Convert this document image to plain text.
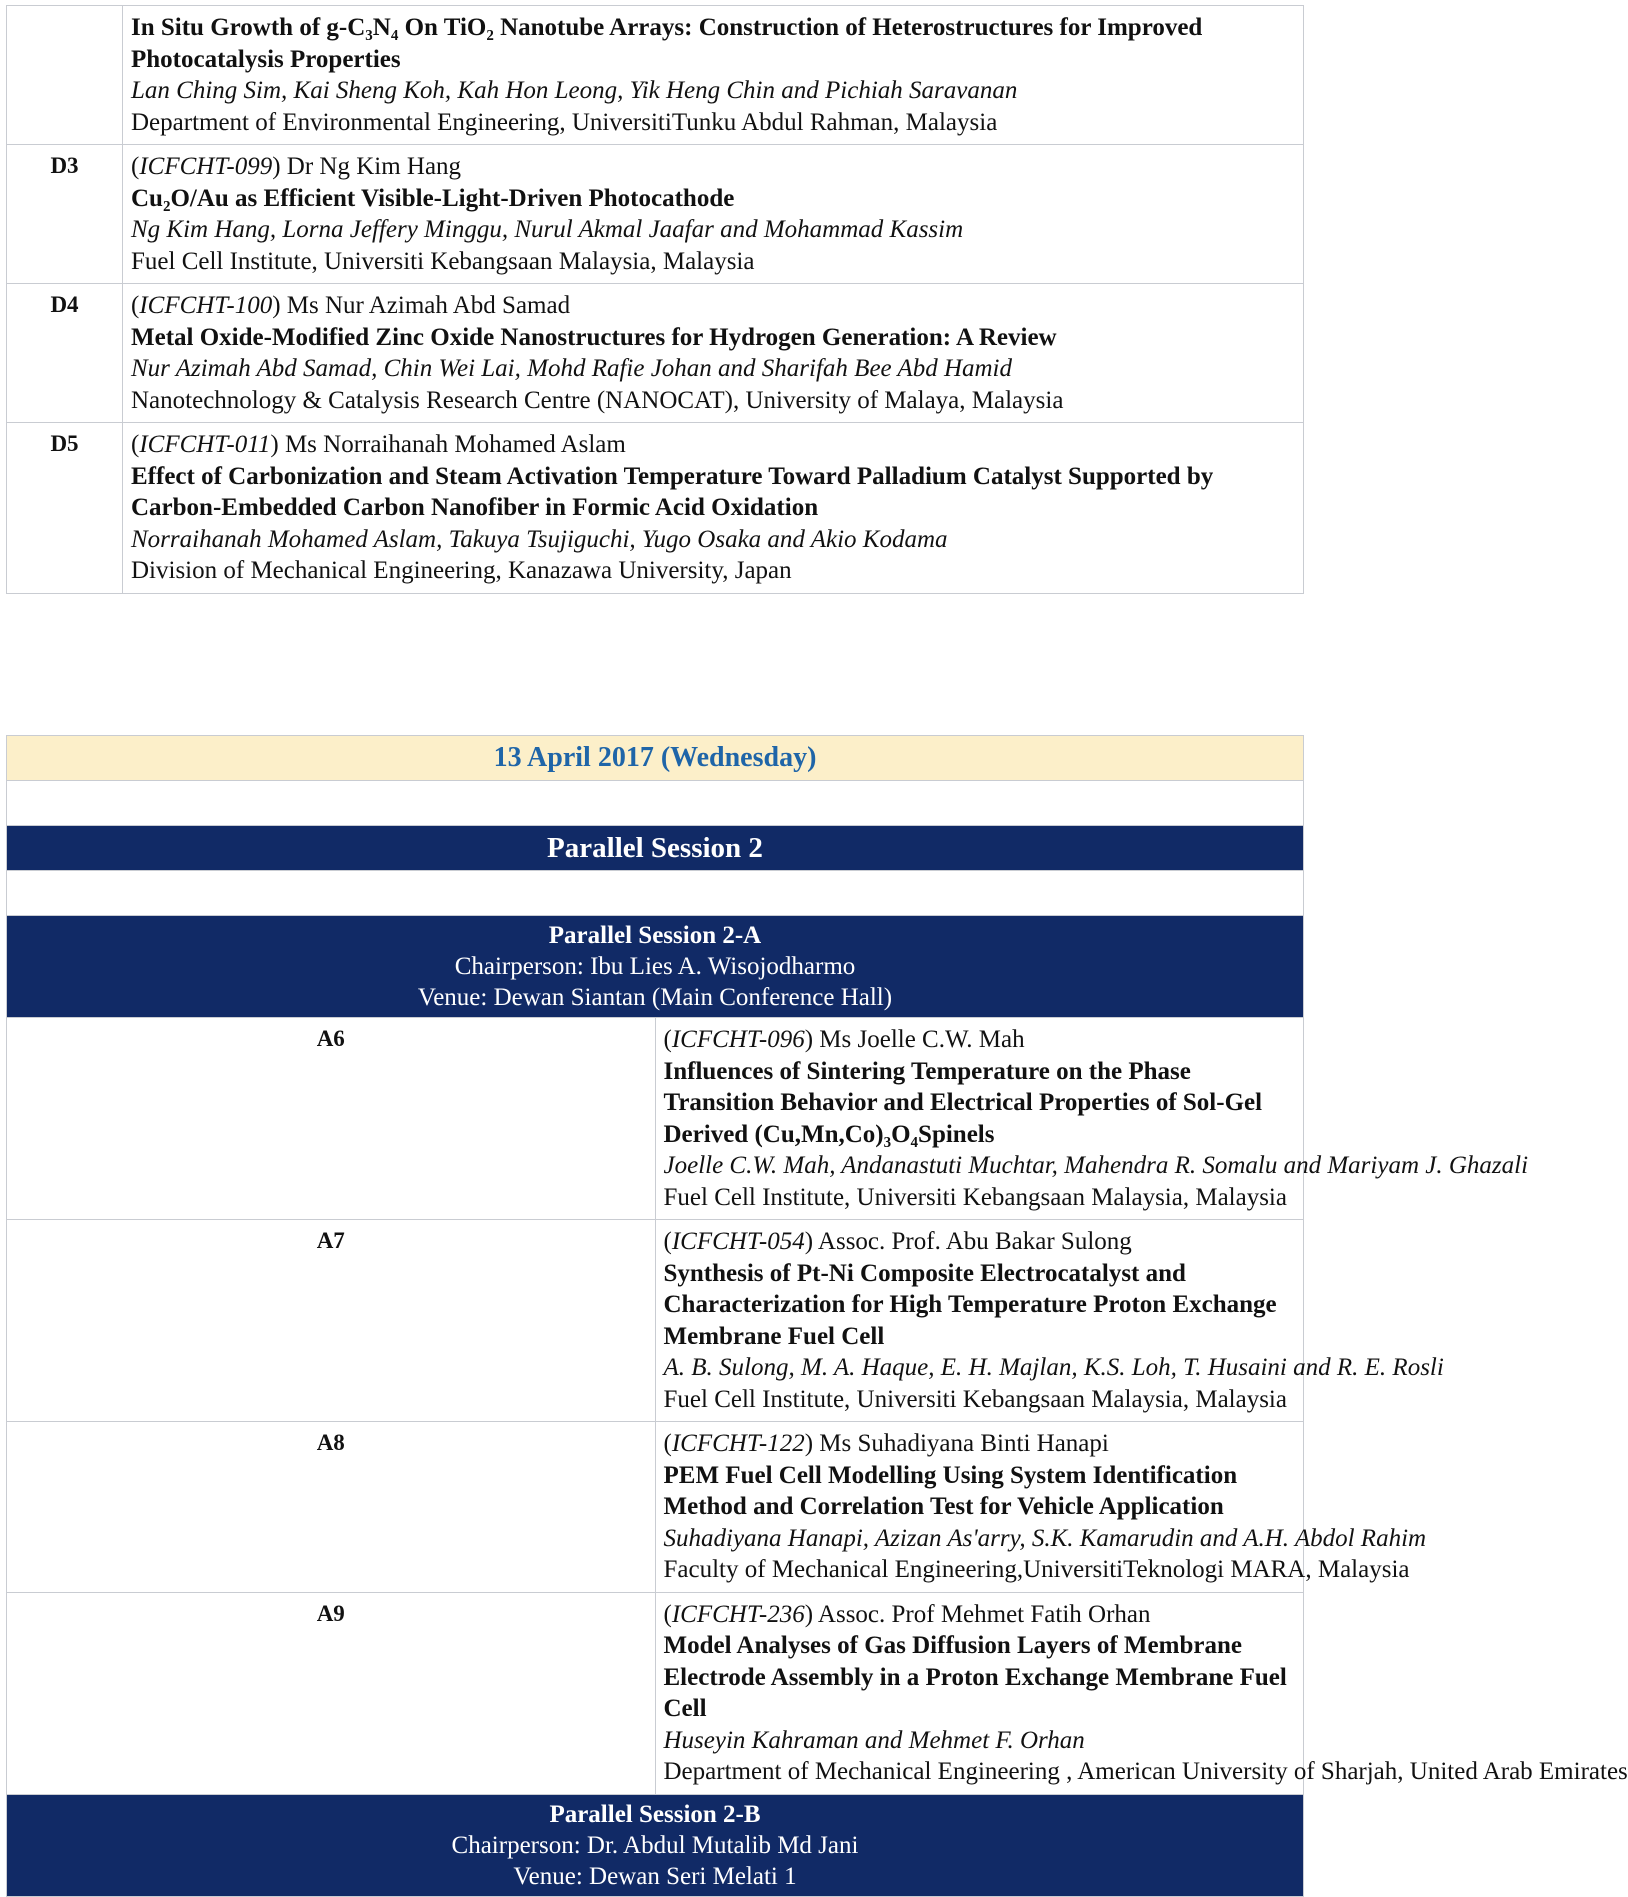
	In Situ Growth of g-C₃N₄ On TiO₂ Nanotube Arrays: Construction of Heterostructures for Improved Photocatalysis Properties
Lan Ching Sim, Kai Sheng Koh, Kah Hon Leong, Yik Heng Chin and Pichiah Saravanan
Department of Environmental Engineering, UniversitiTunku Abdul Rahman, Malaysia

D3	(ICFCHT-099) Dr Ng Kim Hang
Cu₂O/Au as Efficient Visible-Light-Driven Photocathode
Ng Kim Hang, Lorna Jeffery Minggu, Nurul Akmal Jaafar and Mohammad Kassim
Fuel Cell Institute, Universiti Kebangsaan Malaysia, Malaysia

D4	(ICFCHT-100) Ms Nur Azimah Abd Samad
Metal Oxide-Modified Zinc Oxide Nanostructures for Hydrogen Generation: A Review
Nur Azimah Abd Samad, Chin Wei Lai, Mohd Rafie Johan and Sharifah Bee Abd Hamid
Nanotechnology & Catalysis Research Centre (NANOCAT), University of Malaya, Malaysia

D5	(ICFCHT-011) Ms Norraihanah Mohamed Aslam
Effect of Carbonization and Steam Activation Temperature Toward Palladium Catalyst Supported by Carbon-Embedded Carbon Nanofiber in Formic Acid Oxidation
Norraihanah Mohamed Aslam, Takuya Tsujiguchi, Yugo Osaka and Akio Kodama
Division of Mechanical Engineering, Kanazawa University, Japan
13 April 2017 (Wednesday)	

Parallel Session 2	

Parallel Session 2-A
Chairperson: Ibu Lies A. Wisojodharmo
Venue: Dewan Siantan (Main Conference Hall)	

A6	(ICFCHT-096) Ms Joelle C.W. Mah
Influences of Sintering Temperature on the Phase Transition Behavior and Electrical Properties of Sol-Gel Derived (Cu,Mn,Co)₃O₄Spinels
Joelle C.W. Mah, Andanastuti Muchtar, Mahendra R. Somalu and Mariyam J. Ghazali
Fuel Cell Institute, Universiti Kebangsaan Malaysia, Malaysia

A7	(ICFCHT-054) Assoc. Prof. Abu Bakar Sulong
Synthesis of Pt-Ni Composite Electrocatalyst and Characterization for High Temperature Proton Exchange Membrane Fuel Cell
A. B. Sulong, M. A. Haque, E. H. Majlan, K.S. Loh, T. Husaini and R. E. Rosli
Fuel Cell Institute, Universiti Kebangsaan Malaysia, Malaysia

A8	(ICFCHT-122) Ms Suhadiyana Binti Hanapi
PEM Fuel Cell Modelling Using System Identification Method and Correlation Test for Vehicle Application
Suhadiyana Hanapi, Azizan As'arry, S.K. Kamarudin and A.H. Abdol Rahim
Faculty of Mechanical Engineering,UniversitiTeknologi MARA, Malaysia

A9	(ICFCHT-236) Assoc. Prof Mehmet Fatih Orhan
Model Analyses of Gas Diffusion Layers of Membrane Electrode Assembly in a Proton Exchange Membrane Fuel Cell
Huseyin Kahraman and Mehmet F. Orhan
Department of Mechanical Engineering , American University of Sharjah, United Arab Emirates

Parallel Session 2-B
Chairperson: Dr. Abdul Mutalib Md Jani
Venue: Dewan Seri Melati 1	
